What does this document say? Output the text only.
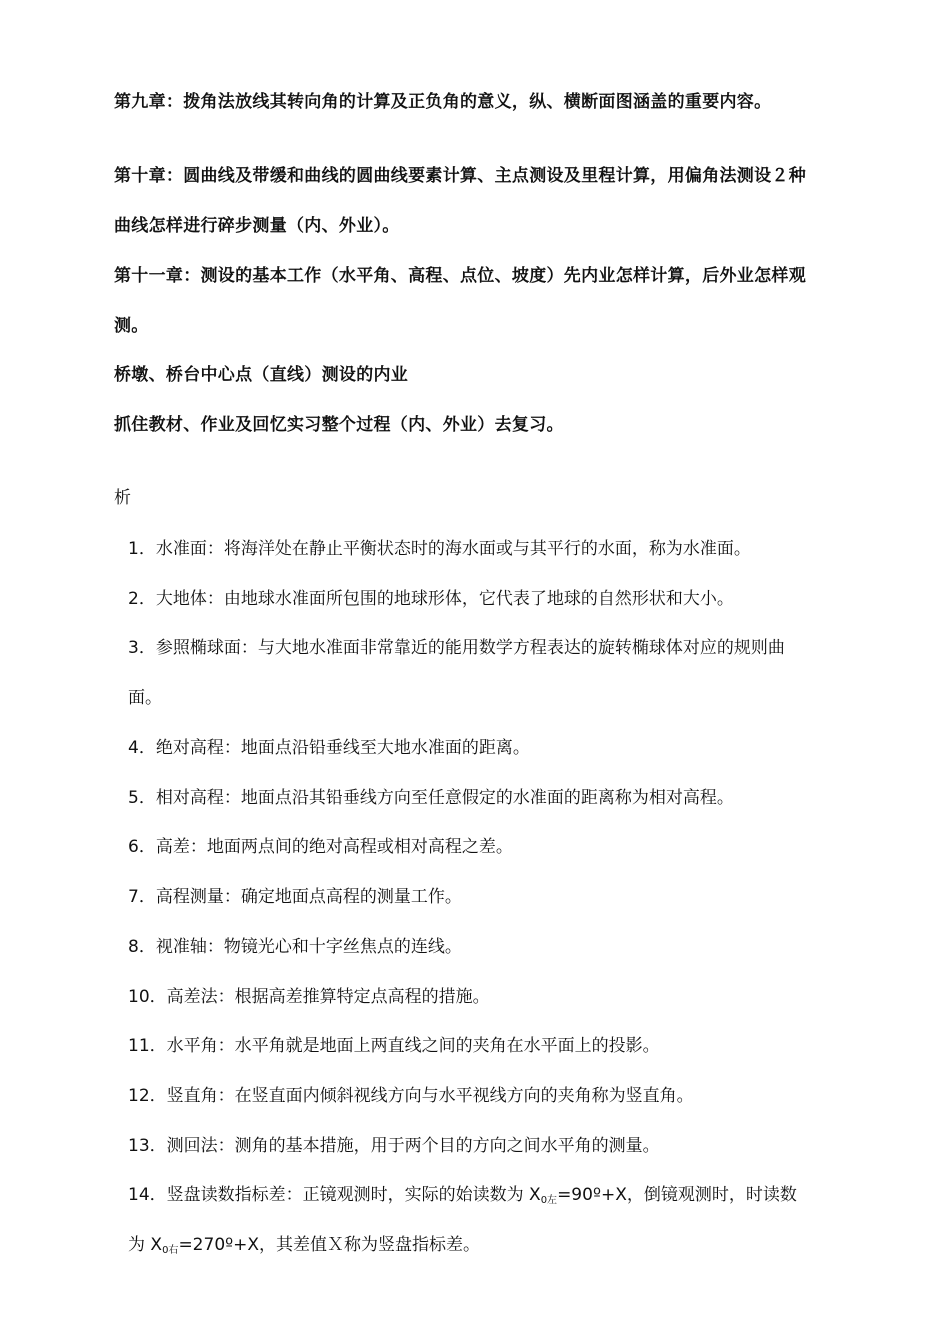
第九章：拨角法放线其转向角的计算及正负角的意义，纵、横断面图涵盖的重要内容。
第十章：圆曲线及带缓和曲线的圆曲线要素计算、主点测设及里程计算，用偏角法测设２种
曲线怎样进行碎步测量（内、外业）。
第十一章：测设的基本工作（水平角、高程、点位、坡度）先内业怎样计算，后外业怎样观
测。
桥墩、桥台中心点（直线）测设的内业
抓住教材、作业及回忆实习整个过程（内、外业）去复习。
析
1．水准面：将海洋处在静止平衡状态时的海水面或与其平行的水面，称为水准面。
2．大地体：由地球水准面所包围的地球形体，它代表了地球的自然形状和大小。
3．参照椭球面：与大地水准面非常靠近的能用数学方程表达的旋转椭球体对应的规则曲
面。
4．绝对高程：地面点沿铅垂线至大地水准面的距离。
5．相对高程：地面点沿其铅垂线方向至任意假定的水准面的距离称为相对高程。
6．高差：地面两点间的绝对高程或相对高程之差。
7．高程测量：确定地面点高程的测量工作。
8．视准轴：物镜光心和十字丝焦点的连线。
10．高差法：根据高差推算特定点高程的措施。
11．水平角：水平角就是地面上两直线之间的夹角在水平面上的投影。
12．竖直角：在竖直面内倾斜视线方向与水平视线方向的夹角称为竖直角。
13．测回法：测角的基本措施，用于两个目的方向之间水平角的测量。
14．竖盘读数指标差：正镜观测时，实际的始读数为 $X_{0左}=90º+X$，倒镜观测时，时读数
为 $X_{0右}=270º+X$，其差值Ｘ称为竖盘指标差。
